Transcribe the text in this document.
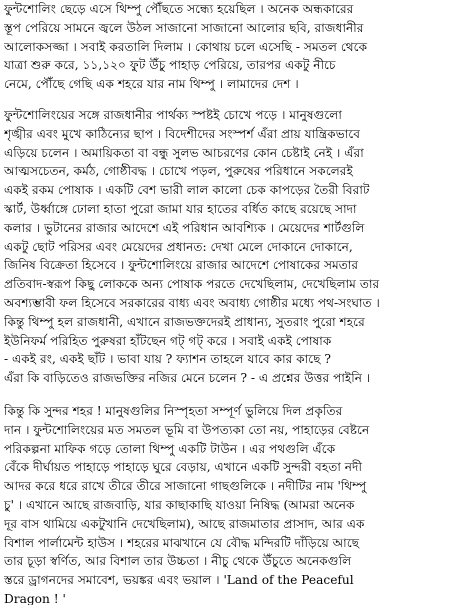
ফুন্টশোলিং ছেড়ে এসে থিম্পু পৌঁছতে সন্ধ্যে হয়েছিল । অনেক অন্ধকারের
স্তূপ পেরিয়ে সামনে জ্বলে উঠল সাজানো সাজানো আলোর ছবি, রাজধানীর
আলোকসজ্জা । সবাই করতালি দিলাম । কোথায় চলে এসেছি - সমতল থেকে
যাত্রা শুরু করে, ১১,১২০ ফুট উঁচু পাহাড় পেরিয়ে, তারপর একটু নীচে
নেমে, পৌঁছে গেছি এক শহরে যার নাম থিম্পু । লামাদের দেশ ।
ফুন্টশোলিংয়ের সঙ্গে রাজধানীর পার্থক্য স্পষ্টই চোখে পড়ে । মানুষগুলো
শৃঙ্খীর এবং মুখে কাঠিন্যের ছাপ । বিদেশীদের সংস্পর্শ এঁরা প্রায় যান্ত্রিকভাবে
এড়িয়ে চলেন । অমায়িকতা বা বন্ধু সুলভ আচরণের কোন চেষ্টাই নেই । এঁরা
আত্মসচেতন, কর্মঠ, গোষ্ঠীবদ্ধ । চোখে পড়ল, পুরুষের পরিধানে সকলেরই
একই রকম পোষাক । একটি বেশ ভারী লাল কালো চেক কাপড়ের তৈরী বিরাট
স্কার্ট, উর্ধ্বাঙ্গে ঢোলা হাতা পুরো জামা যার হাতের বর্ধিত কাছে রয়েছে সাদা
কলার । ভুটানের রাজার আদেশে এই পরিধান আবশ্যিক । মেয়েদের শার্টগুলি
একটু ছোট পরিসর এবং মেয়েদের প্রধানত: দেখা মেলে দোকানে দোকানে,
জিনিষ বিক্রেতা হিসেবে । ফুন্টশোলিংয়ে রাজার আদেশে পোষাকের সমতার
প্রতিবাদ-স্বরূপ কিছু লোককে অন্য পোষাক পরতে দেখেছিলাম, দেখেছিলাম তার
অবশ্যম্ভাবী ফল হিসেবে সরকারের বাধ্য এবং অবাধ্য গোষ্ঠীর মধ্যে পথ-সংঘাত ।
কিন্তু থিম্পু হল রাজধানী, এখানে রাজভক্তদেরই প্রাধান্য, সুতরাং পুরো শহরে
ইউনিফর্ম পরিহিত পুরুষরা হাঁটছেন গট্ গট্ করে । সবাই একই পোষাক
- একই রং, একই ছাঁট । ভাবা যায় ? ফ্যাশন তাহলে যাবে কার কাছে ?
এঁরা কি বাড়িতেও রাজভক্তির নজির মেনে চলেন ? - এ প্রশ্নের উত্তর পাইনি ।
কিন্তু কি সুন্দর শহর ! মানুষগুলির নিস্পৃহতা সম্পূর্ণ ভুলিয়ে দিল প্রকৃতির
দান । ফুন্টশোলিংয়ের মত সমতল ভূমি বা উপত্যকা তো নয়, পাহাড়ের বেষ্টনে
পরিকল্পনা মাফিক গড়ে তোলা থিম্পু একটি টাউন । এর পথগুলি এঁকে
বেঁকে দীর্ঘায়ত পাহাড়ে পাহাড়ে ঘুরে বেড়ায়, এখানে একটি সুন্দরী বহতা নদী
আদর করে ধরে রাখে তীরে তীরে সাজানো গাছগুলিকে । নদীটির নাম 'থিম্পু
চু' । এখানে আছে রাজবাড়ি, যার কাছাকাছি যাওয়া নিষিদ্ধ (আমরা অনেক
দূর বাস থামিয়ে একটুখানি দেখেছিলাম), আছে রাজমাতার প্রাসাদ, আর এক
বিশাল পার্লামেন্ট হাউস । শহরের মাঝখানে যে বৌদ্ধ মন্দিরটি দাঁড়িয়ে আছে
তার চূড়া স্বর্ণিত, আর বিশাল তার উচ্চতা । নীচু থেকে উঁচুতে অনেকগুলি
স্তরে ড্রাগনদের সমাবেশ, ভয়ঙ্কর এবং ভয়াল । 'Land of the Peaceful
Dragon ! '
